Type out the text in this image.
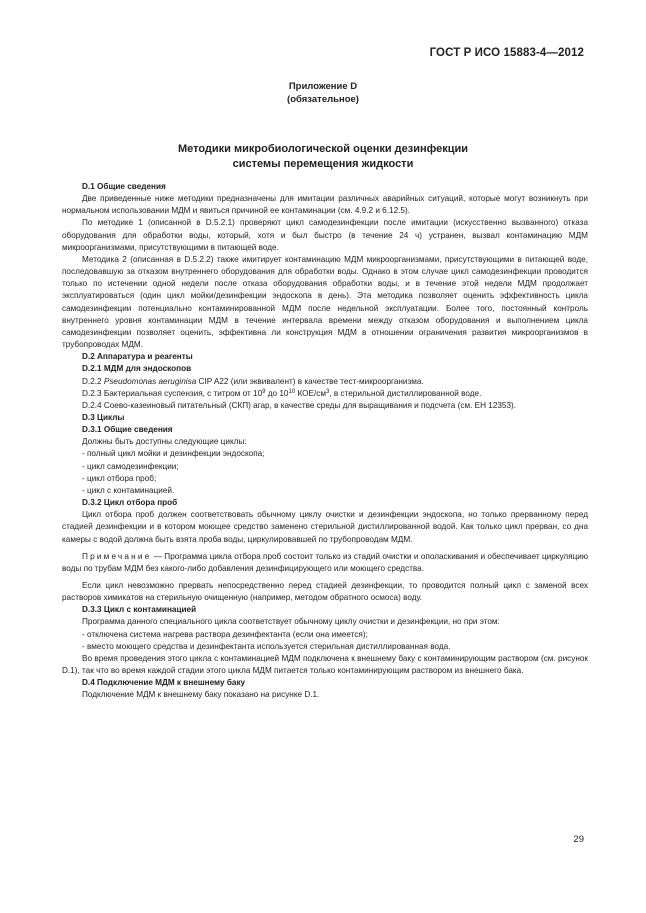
ГОСТ Р ИСО 15883-4—2012
Приложение D
(обязательное)
Методики микробиологической оценки дезинфекции
системы перемещения жидкости

D.1 Общие сведения

Две приведенные ниже методики предназначены для имитации различных аварийных ситуаций, которые могут возникнуть при нормальном использовании МДМ и явиться причиной ее контаминации (см. 4.9.2 и 6.12.5).

По методике 1 (описанной в D.5.2.1) проверяют цикл самодезинфекции после имитации (искусственно вызванного) отказа оборудования для обработки воды, который, хотя и был быстро (в течение 24 ч) устранен, вызвал контаминацию МДМ микроорганизмами, присутствующими в питающей воде.

Методика 2 (описанная в D.5.2.2) также имитирует контаминацию МДМ микроорганизмами, присутствующими в питающей воде, последовавшую за отказом внутреннего оборудования для обработки воды. Однако в этом случае цикл самодезинфекции проводится только по истечении одной недели после отказа оборудования обработки воды, и в течение этой недели МДМ продолжает эксплуатироваться (один цикл мойки/дезинфекции эндоскопа в день). Эта методика позволяет оценить эффективность цикла самодезинфекции потенциально контаминированной МДМ после недельной эксплуатации. Более того, постоянный контроль внутреннего уровня контаминации МДМ в течение интервала времени между отказом оборудования и выполнением цикла самодезинфекции позволяет оценить, эффективна ли конструкция МДМ в отношении ограничения развития микроорганизмов в трубопроводах МДМ.

D.2 Аппаратура и реагенты

D.2.1 МДМ для эндоскопов

D.2.2 Pseudomonas aeruginisa CIP A22 (или эквивалент) в качестве тест-микроорганизма.

D.2.3 Бактериальная суспензия, с титром от $10^9$ до $10^{10}$ КОЕ/$см^3$, в стерильной дистиллированной воде.

D.2.4 Соево-казеиновый питательный (СКП) агар, в качестве среды для выращивания и подсчета (см. ЕН 12353).

D.3 Циклы

D.3.1 Общие сведения

Должны быть доступны следующие циклы:

- полный цикл мойки и дезинфекции эндоскопа;

- цикл самодезинфекции;

- цикл отбора проб;

- цикл с контаминацией.

D.3.2 Цикл отбора проб

Цикл отбора проб должен соответствовать обычному циклу очистки и дезинфекции эндоскопа, но только прерванному перед стадией дезинфекции и в котором моющее средство заменено стерильной дистиллированной водой. Как только цикл прерван, со дна камеры с водой должна быть взята проба воды, циркулировавшей по трубопроводам МДМ.

Примечание — Программа цикла отбора проб состоит только из стадий очистки и ополаскивания и обеспечивает циркуляцию воды по трубам МДМ без какого-либо добавления дезинфицирующего или моющего средства.

Если цикл невозможно прервать непосредственно перед стадией дезинфекции, то проводится полный цикл с заменой всех растворов химикатов на стерильную очищенную (например, методом обратного осмоса) воду.

D.3.3 Цикл с контаминацией

Программа данного специального цикла соответствует обычному циклу очистки и дезинфекции, но при этом:

- отключена система нагрева раствора дезинфектанта (если она имеется);

- вместо моющего средства и дезинфектанта используется стерильная дистиллированная вода.

Во время проведения этого цикла с контаминацией МДМ подключена к внешнему баку с контаминирующим раствором (см. рисунок D.1), так что во время каждой стадии этого цикла МДМ питается только контаминирующим раствором из внешнего бака.

D.4 Подключение МДМ к внешнему баку

Подключение МДМ к внешнему баку показано на рисунке D.1.

29
